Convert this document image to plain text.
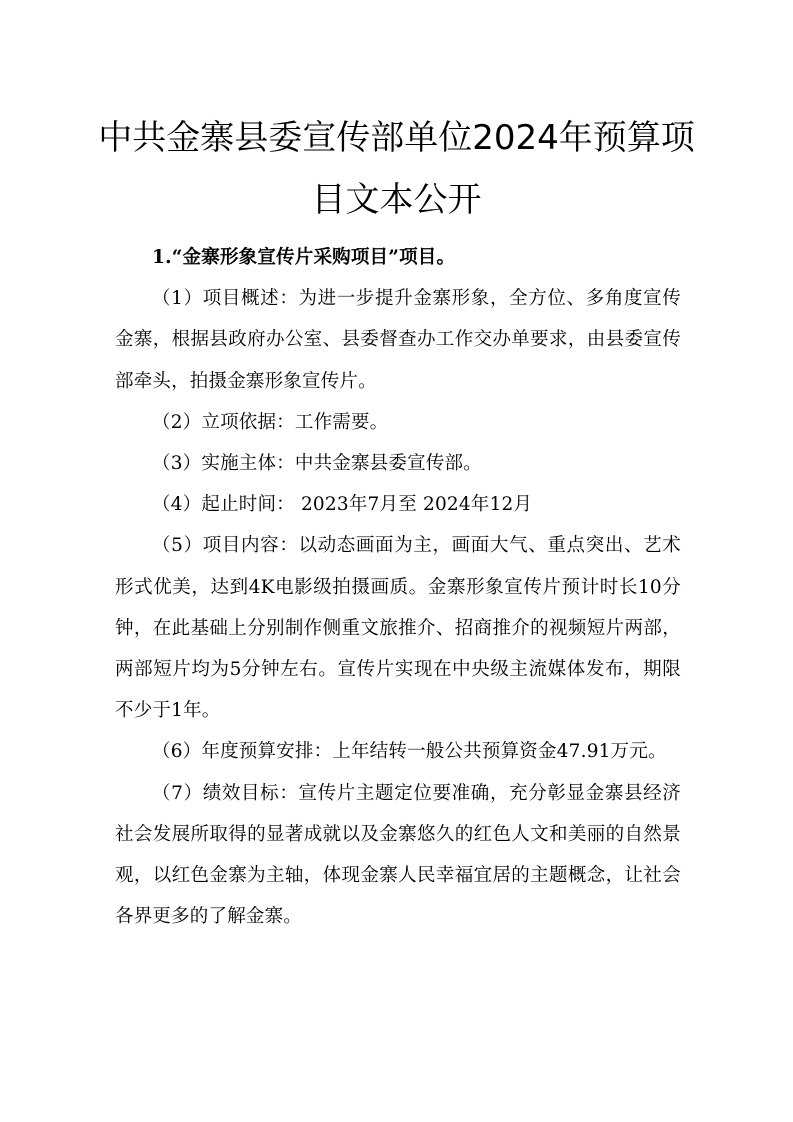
中共金寨县委宣传部单位2024年预算项
目文本公开

1.“金寨形象宣传片采购项目”项目。

（1）项目概述：为进一步提升金寨形象，全方位、多角度宣传金寨，根据县政府办公室、县委督查办工作交办单要求，由县委宣传部牵头，拍摄金寨形象宣传片。

（2）立项依据：工作需要。

（3）实施主体：中共金寨县委宣传部。

（4）起止时间： 2023年7月至 2024年12月

（5）项目内容：以动态画面为主，画面大气、重点突出、艺术形式优美，达到4K电影级拍摄画质。金寨形象宣传片预计时长10分钟，在此基础上分别制作侧重文旅推介、招商推介的视频短片两部，两部短片均为5分钟左右。宣传片实现在中央级主流媒体发布，期限不少于1年。

（6）年度预算安排：上年结转一般公共预算资金47.91万元。

（7）绩效目标：宣传片主题定位要准确，充分彰显金寨县经济社会发展所取得的显著成就以及金寨悠久的红色人文和美丽的自然景观，以红色金寨为主轴，体现金寨人民幸福宜居的主题概念，让社会各界更多的了解金寨。
